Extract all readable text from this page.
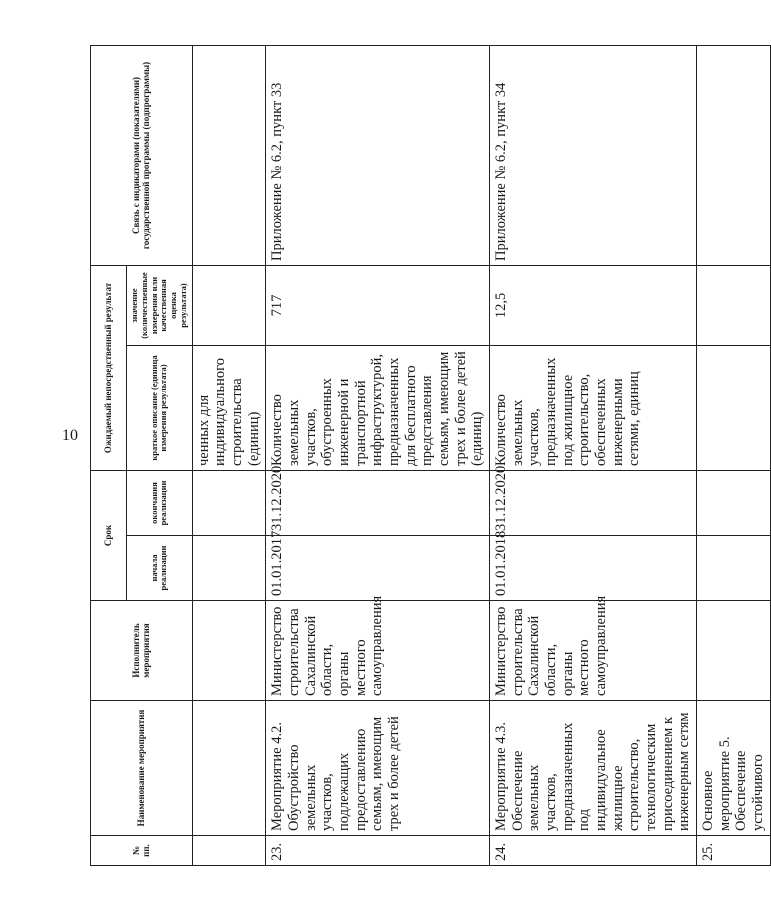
10
№ пп.	Наименование мероприятия	Исполнитель мероприятия	Срок		Ожидаемый непосредственный результат		Связь с индикаторами (показателями) государственной программы (подпрограммы)
			начала реализации	окончания реализации	краткое описание (единица измерения результата)	значение (количественные измерения или качественная оценка результата)	
					ченных для индивидуального строительства (единиц)		
23.	Мероприятие 4.2. Обустройство земельных участков, подлежащих предоставлению семьям, имеющим трех и более детей	Министерство строительства Сахалинской области, органы местного самоуправления	01.01.2017	31.12.2020	Количество земельных участков, обустроенных инженерной и транспортной инфраструктурой, предназначенных для бесплатного представления семьям, имеющим трех и более детей (единиц)	717	Приложение № 6.2, пункт 33
24.	Мероприятие 4.3. Обеспечение земельных участков, предназначенных под индивидуальное жилищное строительство, технологическим присоединением к инженерным сетям	Министерство строительства Сахалинской области, органы местного самоуправления	01.01.2018	31.12.2020	Количество земельных участков, предназначенных под жилищное строительство, обеспеченных инженерными сетями, единиц	12,5	Приложение № 6.2, пункт 34
25.	Основное мероприятие 5. Обеспечение устойчивого						
